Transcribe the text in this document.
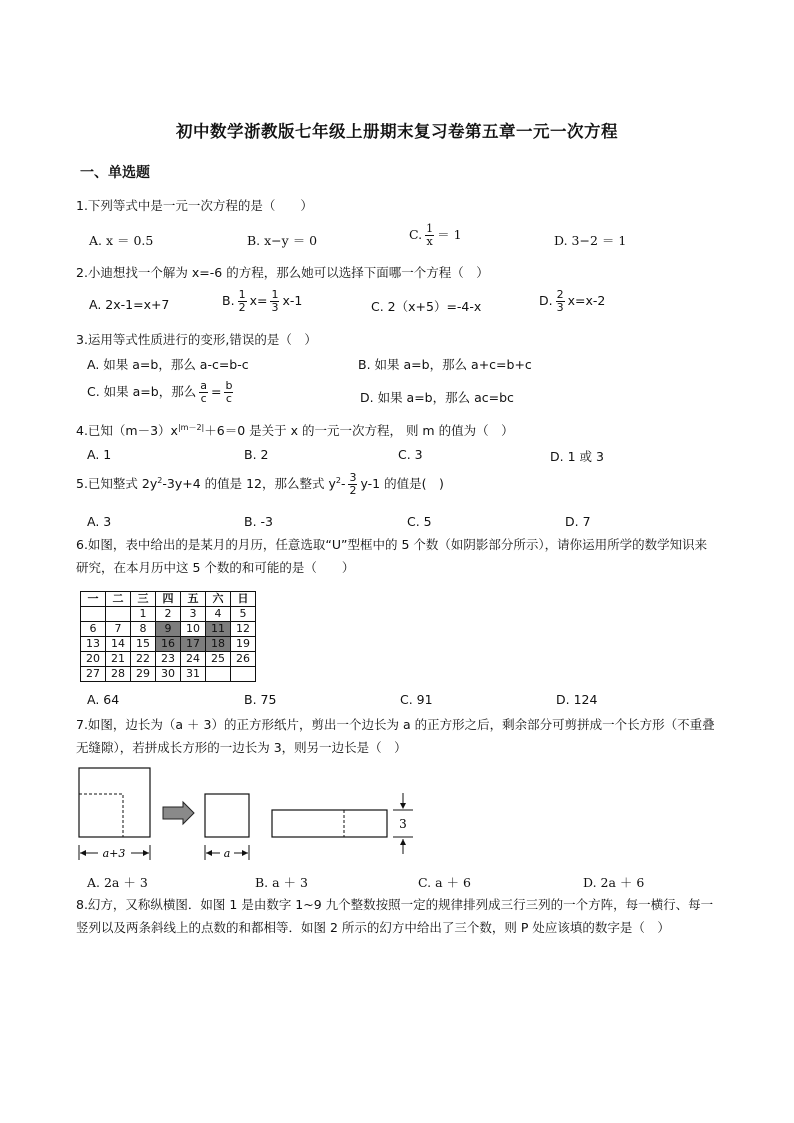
初中数学浙教版七年级上册期末复习卷第五章一元一次方程
一、单选题
1.下列等式中是一元一次方程的是（　　）
A. x ＝ 0.5	B. x−y ＝ 0	C. $\frac{1}{x} = 1$	D. 3−2 ＝ 1
2.小迪想找一个解为 x=-6 的方程，那么她可以选择下面哪一个方程（　）
A. 2x-1=x+7	B. $\frac{1}{2} x= \frac{1}{3} x-1$	C. 2（x+5）=-4-x	D. $\frac{2}{3} x=x-2$
3.运用等式性质进行的变形,错误的是（　）
A. 如果 a=b，那么 a-c=b-c	B. 如果 a=b，那么 a+c=b+c
C. 如果 a=b，那么 $\frac{a}{c} = \frac{b}{c}$	D. 如果 a=b，那么 ac=bc
4.已知$(m-3)x^{|m-2|}+6=0$ 是关于 x 的一元一次方程， 则 m 的值为（　）
A. 1	B. 2	C. 3	D. 1 或 3
5.已知整式 $2y^2-3y+4$ 的值是 12，那么整式 $y^2- \frac{3}{2} y-1$ 的值是(　)
A. 3	B. -3	C. 5	D. 7
6.如图，表中给出的是某月的月历，任意选取“U”型框中的 5 个数（如阴影部分所示），请你运用所学的数学知识来研究，在本月历中这 5 个数的和可能的是（　　）
一	二	三	四	五	六	日
		1	2	3	4	5
6	7	8	9	10	11	12
13	14	15	16	17	18	19
20	21	22	23	24	25	26
27	28	29	30	31		
A. 64	B. 75	C. 91	D. 124
7.如图，边长为（a ＋ 3）的正方形纸片，剪出一个边长为 a 的正方形之后，剩余部分可剪拼成一个长方形（不重叠无缝隙），若拼成长方形的一边长为 3，则另一边长是（　）
3
a+3	a
A. 2a ＋ 3	B. a ＋ 3	C. a ＋ 6	D. 2a ＋ 6
8.幻方，又称纵横图．如图 1 是由数字 1~9 九个整数按照一定的规律排列成三行三列的一个方阵，每一横行、每一竖列以及两条斜线上的点数的和都相等．如图 2 所示的幻方中给出了三个数，则 P 处应该填的数字是（　）
